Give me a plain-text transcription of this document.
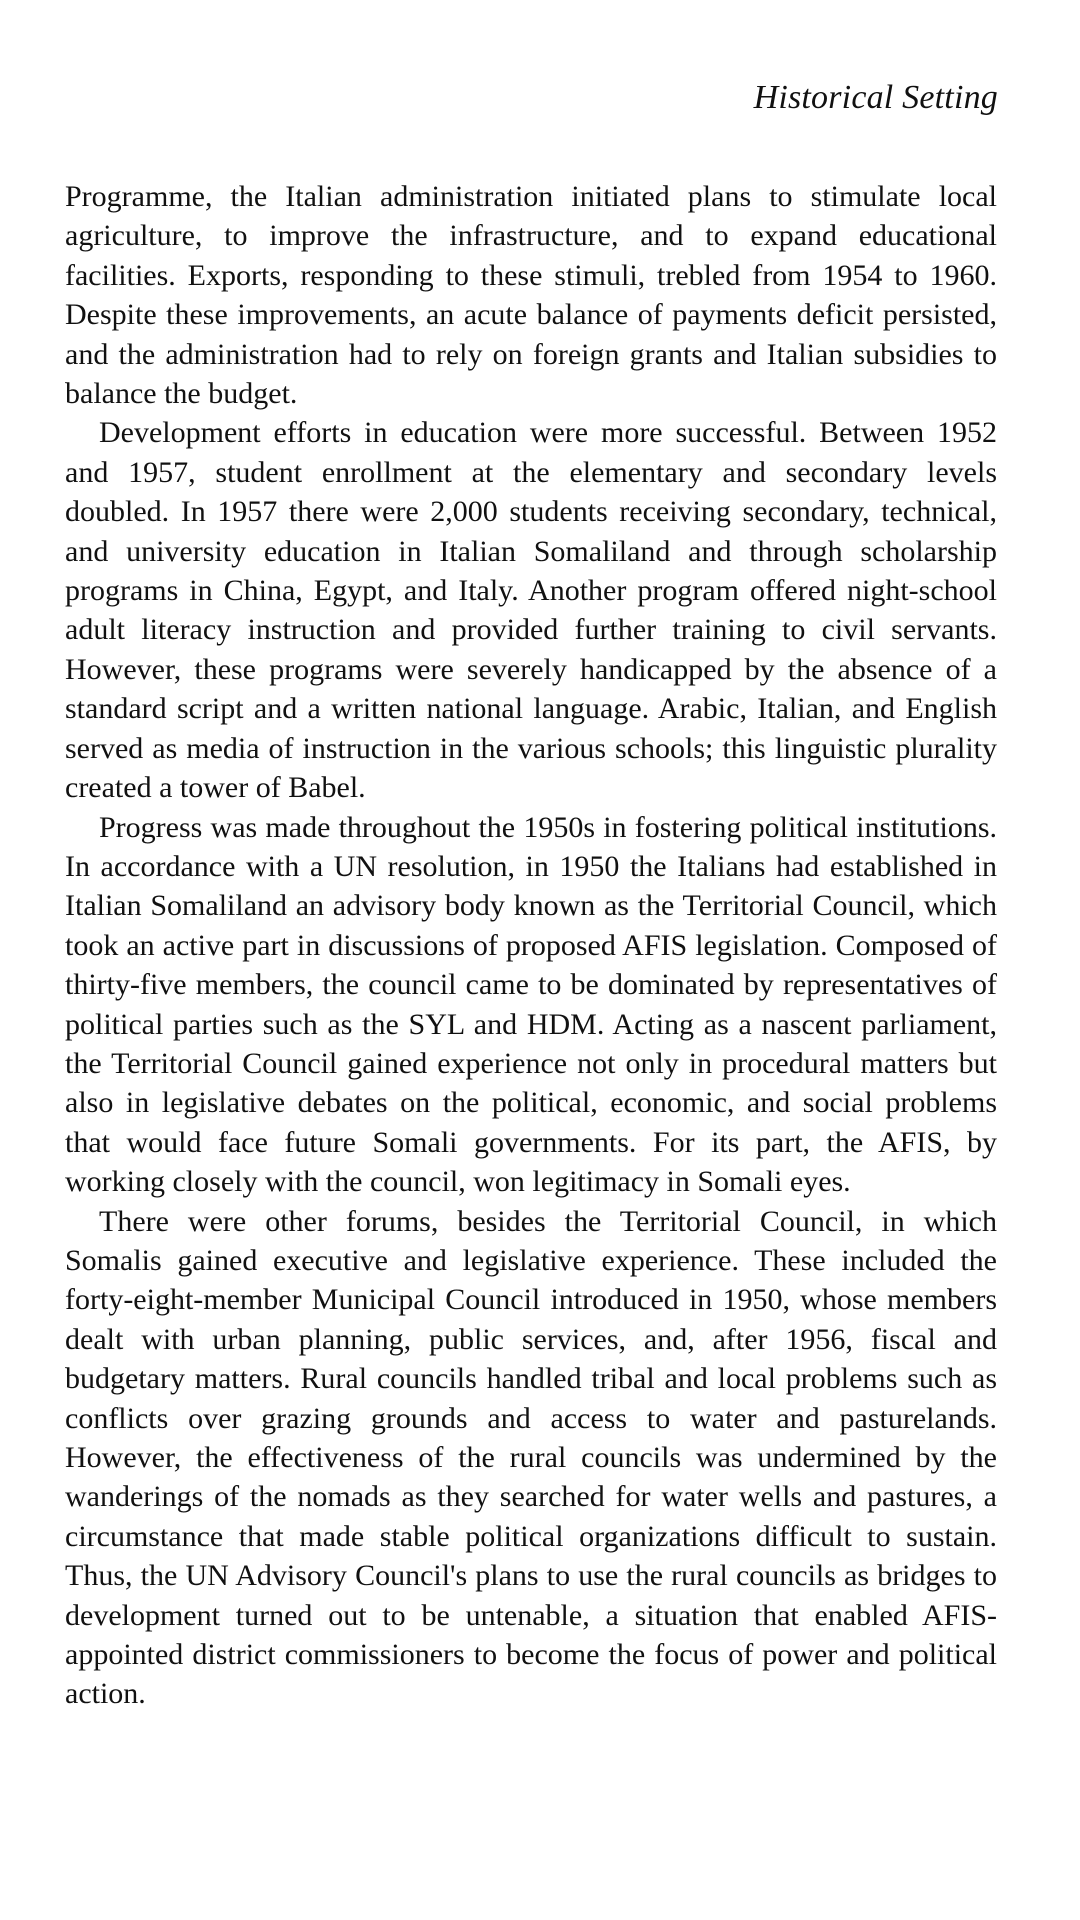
Historical Setting

Programme, the Italian administration initiated plans to stimulate local agriculture, to improve the infrastructure, and to expand educational facilities. Exports, responding to these stimuli, trebled from 1954 to 1960. Despite these improvements, an acute balance of payments deficit persisted, and the administration had to rely on foreign grants and Italian subsidies to balance the budget.

Development efforts in education were more successful. Between 1952 and 1957, student enrollment at the elementary and secondary levels doubled. In 1957 there were 2,000 students receiving secondary, technical, and university education in Italian Somaliland and through scholarship programs in China, Egypt, and Italy. Another program offered night-school adult literacy instruction and provided further training to civil servants. However, these programs were severely handicapped by the absence of a standard script and a written national language. Arabic, Italian, and English served as media of instruction in the various schools; this linguistic plurality created a tower of Babel.

Progress was made throughout the 1950s in fostering political institutions. In accordance with a UN resolution, in 1950 the Italians had established in Italian Somaliland an advisory body known as the Territorial Council, which took an active part in discussions of proposed AFIS legislation. Composed of thirty-five members, the council came to be dominated by representatives of political parties such as the SYL and HDM. Acting as a nascent parliament, the Territorial Council gained experience not only in procedural matters but also in legislative debates on the political, economic, and social problems that would face future Somali governments. For its part, the AFIS, by working closely with the council, won legitimacy in Somali eyes.

There were other forums, besides the Territorial Council, in which Somalis gained executive and legislative experience. These included the forty-eight-member Municipal Council introduced in 1950, whose members dealt with urban planning, public services, and, after 1956, fiscal and budgetary matters. Rural councils handled tribal and local problems such as conflicts over grazing grounds and access to water and pasturelands. However, the effectiveness of the rural councils was undermined by the wanderings of the nomads as they searched for water wells and pastures, a circumstance that made stable political organizations difficult to sustain. Thus, the UN Advisory Council's plans to use the rural councils as bridges to development turned out to be untenable, a situation that enabled AFIS-appointed district commissioners to become the focus of power and political action.
